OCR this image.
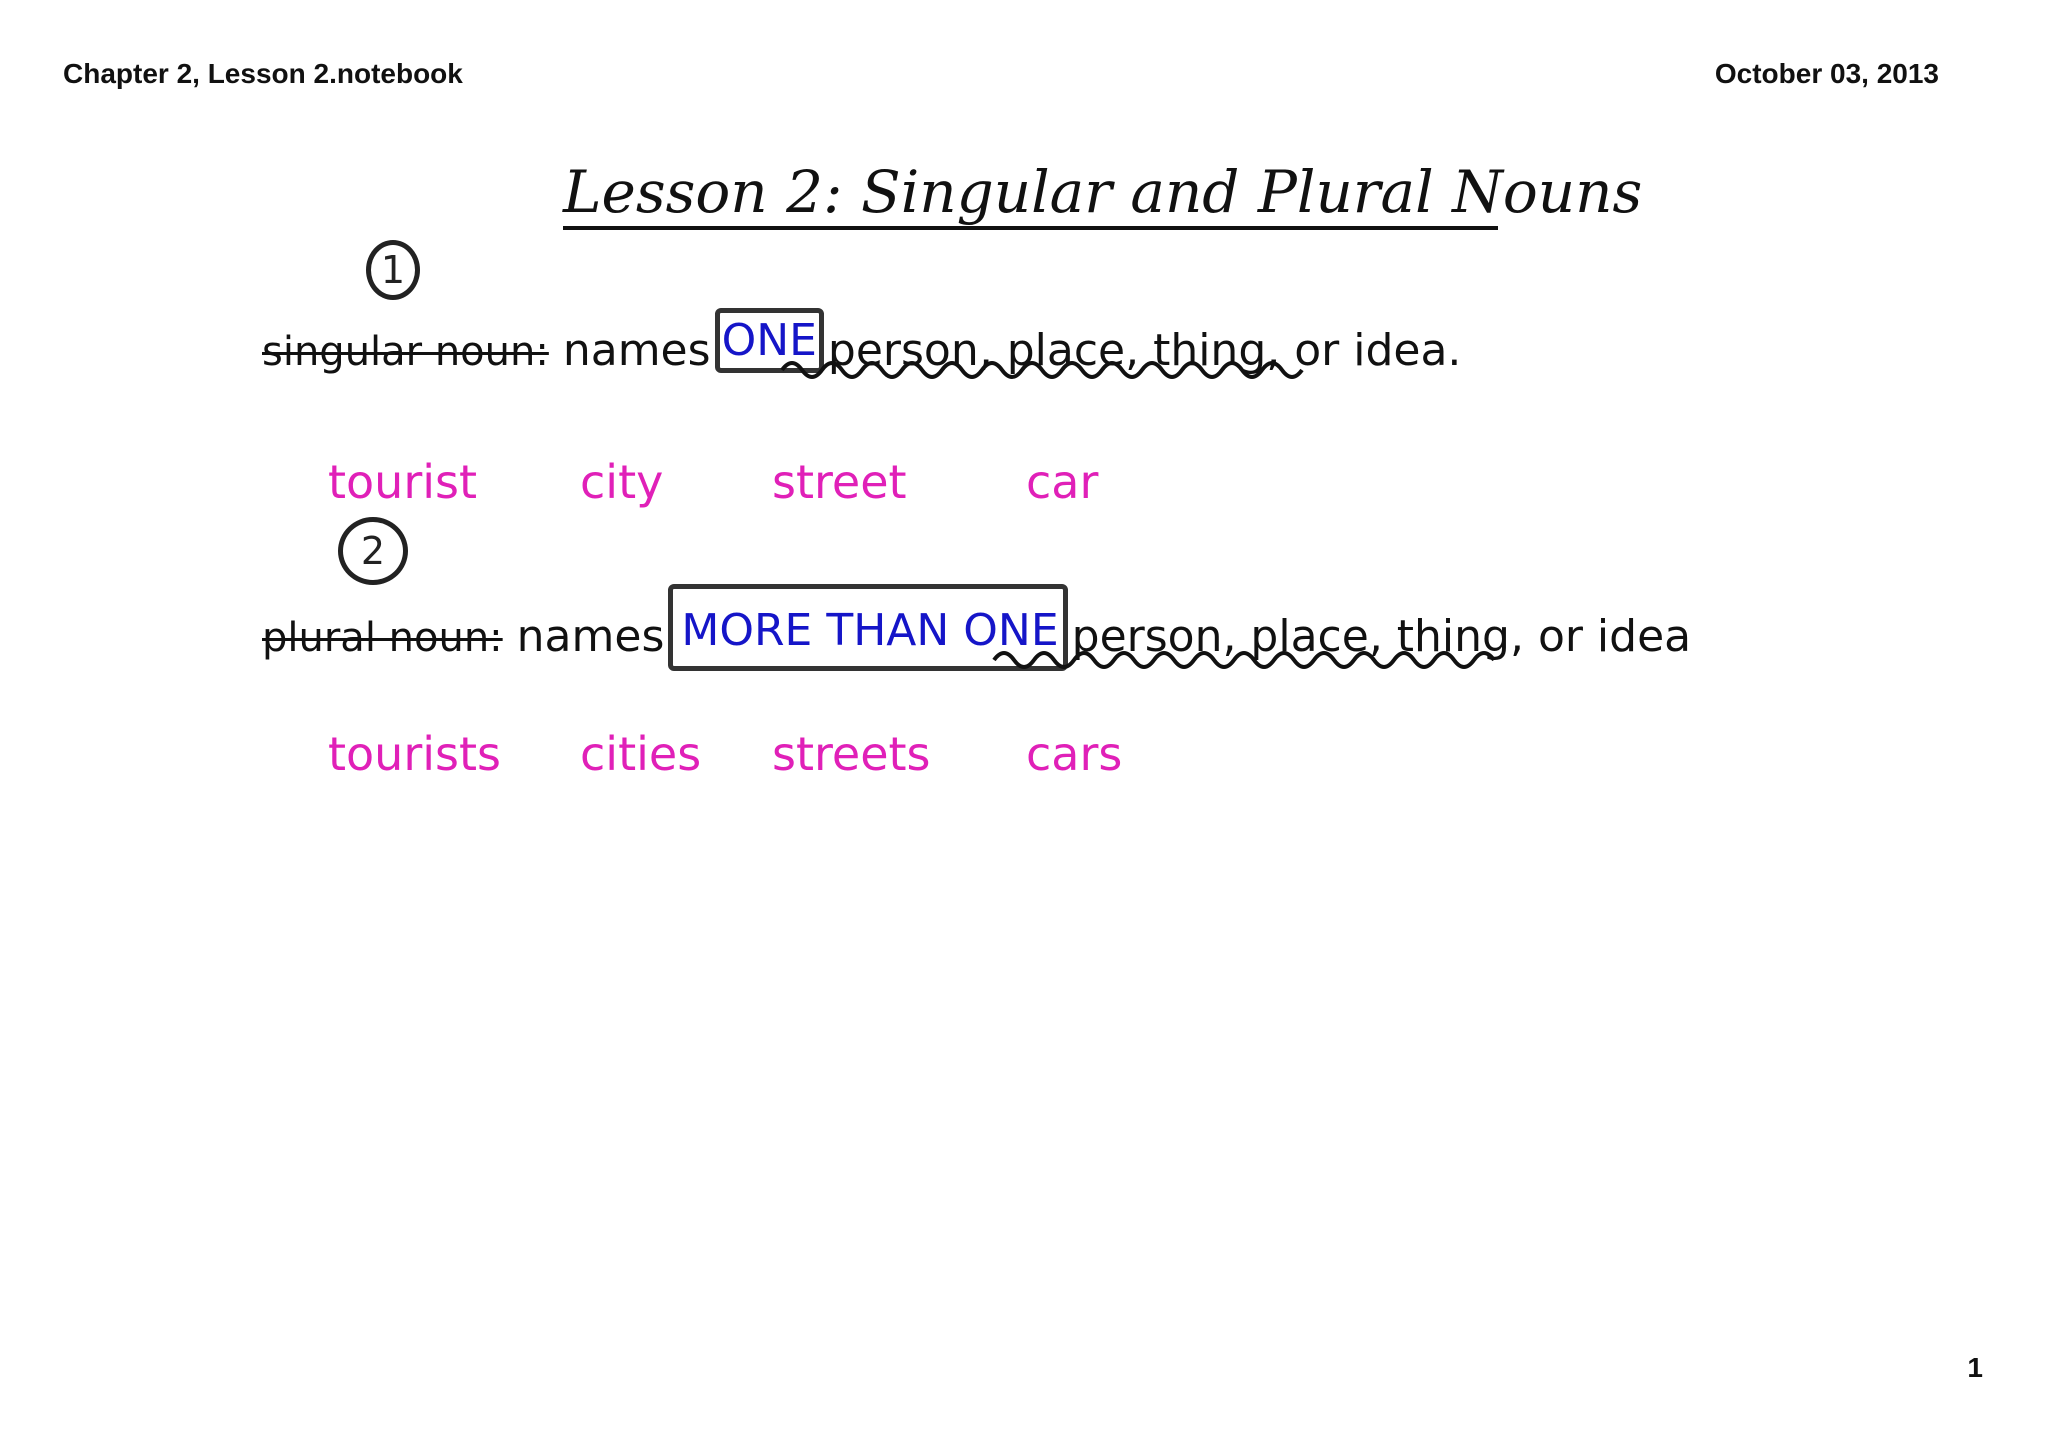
Chapter 2, Lesson 2.notebook	October 03, 2013
Lesson 2: Singular and Plural Nouns
1
singular noun: names ONE person, place, thing, or idea.
tourist city street	car
2
plural noun: names MORE THAN ONE person, place, thing, or idea
tourists cities streets cars
1
